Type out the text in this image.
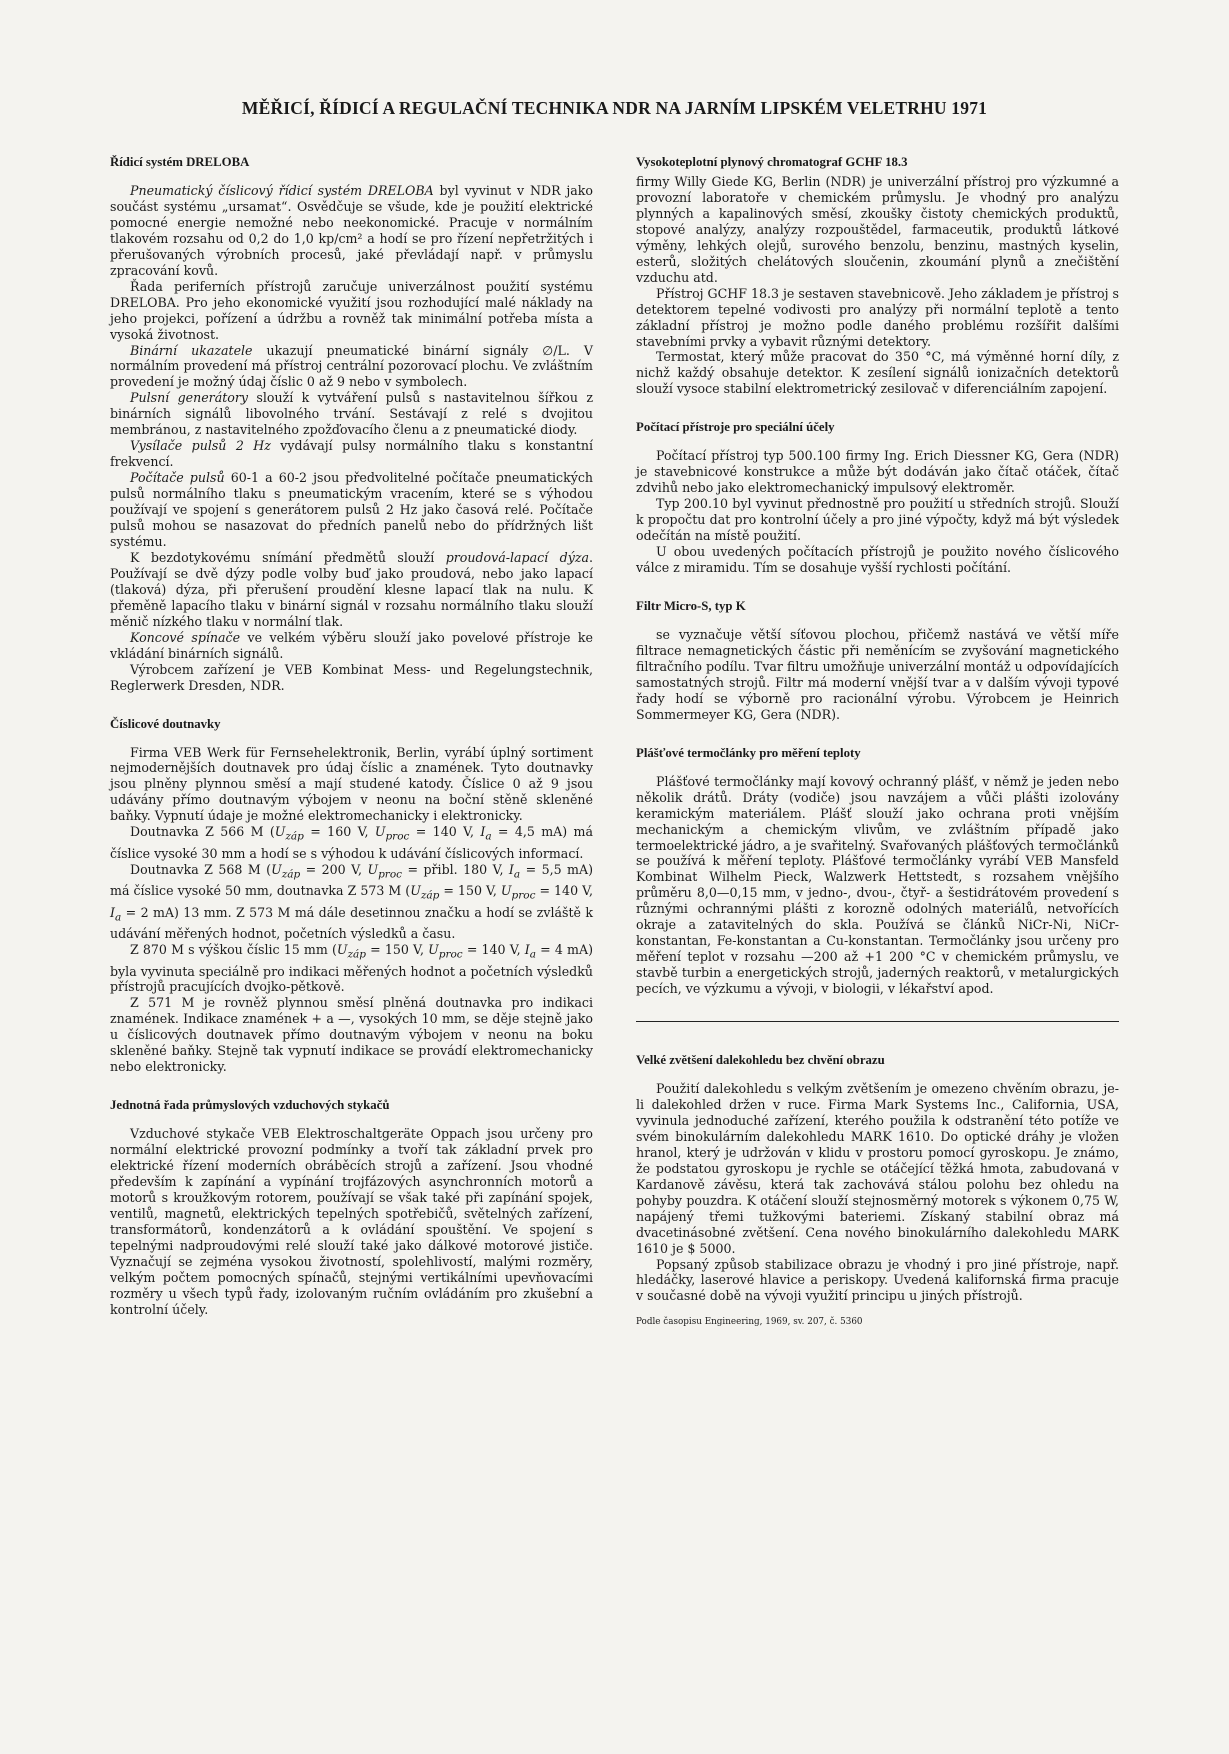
MĚŘICÍ, ŘÍDICÍ A REGULAČNÍ TECHNIKA NDR NA JARNÍM LIPSKÉM VELETRHU 1971
Řídicí systém DRELOBA

Pneumatický číslicový řídicí systém DRELOBA byl vyvinut v NDR jako součást systému „ursamat“. Osvědčuje se všude, kde je použití elektrické pomocné energie nemožné nebo neekonomické. Pracuje v normálním tlakovém rozsahu od 0,2 do 1,0 kp/cm² a hodí se pro řízení nepřetržitých i přerušovaných výrobních procesů, jaké převládají např. v průmyslu zpracování kovů.

Řada periferních přístrojů zaručuje univerzálnost použití systému DRELOBA. Pro jeho ekonomické využití jsou rozhodující malé náklady na jeho projekci, pořízení a údržbu a rovněž tak minimální potřeba místa a vysoká životnost.

Binární ukazatele ukazují pneumatické binární signály ∅/L. V normálním provedení má přístroj centrální pozorovací plochu. Ve zvláštním provedení je možný údaj číslic 0 až 9 nebo v symbolech.

Pulsní generátory slouží k vytváření pulsů s nastavitelnou šířkou z binárních signálů libovolného trvání. Sestávají z relé s dvojitou membránou, z nastavitelného zpožďovacího členu a z pneumatické diody.

Vysílače pulsů 2 Hz vydávají pulsy normálního tlaku s konstantní frekvencí.

Počítače pulsů 60-1 a 60-2 jsou předvolitelné počítače pneumatických pulsů normálního tlaku s pneumatickým vracením, které se s výhodou používají ve spojení s generátorem pulsů 2 Hz jako časová relé. Počítače pulsů mohou se nasazovat do předních panelů nebo do přídržných lišt systému.

K bezdotykovému snímání předmětů slouží proudová-lapací dýza. Používají se dvě dýzy podle volby buď jako proudová, nebo jako lapací (tlaková) dýza, při přerušení proudění klesne lapací tlak na nulu. K přeměně lapacího tlaku v binární signál v rozsahu normálního tlaku slouží měnič nízkého tlaku v normální tlak.

Koncové spínače ve velkém výběru slouží jako povelové přístroje ke vkládání binárních signálů.

Výrobcem zařízení je VEB Kombinat Mess- und Regelungstechnik, Reglerwerk Dresden, NDR.

Číslicové doutnavky

Firma VEB Werk für Fernsehelektronik, Berlin, vyrábí úplný sortiment nejmodernějších doutnavek pro údaj číslic a znamének. Tyto doutnavky jsou plněny plynnou směsí a mají studené katody. Číslice 0 až 9 jsou udávány přímo doutnavým výbojem v neonu na boční stěně skleněné baňky. Vypnutí údaje je možné elektromechanicky i elektronicky.

Doutnavka Z 566 M ($U_{záp} = 160$ V, $U_{proc} = 140$ V, $I_a = 4,5$ mA) má číslice vysoké 30 mm a hodí se s výhodou k udávání číslicových informací.

Doutnavka Z 568 M ($U_{záp} = 200$ V, $U_{proc}$ = přibl. 180 V, $I_a = 5,5$ mA) má číslice vysoké 50 mm, doutnavka Z 573 M ($U_{záp} = 150$ V, $U_{proc} = 140$ V, $I_a = 2$ mA) 13 mm. Z 573 M má dále desetinnou značku a hodí se zvláště k udávání měřených hodnot, početních výsledků a času.

Z 870 M s výškou číslic 15 mm ($U_{záp} = 150$ V, $U_{proc} = 140$ V, $I_a = 4$ mA) byla vyvinuta speciálně pro indikaci měřených hodnot a početních výsledků přístrojů pracujících dvojko-pětkově.

Z 571 M je rovněž plynnou směsí plněná doutnavka pro indikaci znamének. Indikace znamének + a —, vysokých 10 mm, se děje stejně jako u číslicových doutnavek přímo doutnavým výbojem v neonu na boku skleněné baňky. Stejně tak vypnutí indikace se provádí elektromechanicky nebo elektronicky.

Jednotná řada průmyslových vzduchových stykačů

Vzduchové stykače VEB Elektroschaltgeräte Oppach jsou určeny pro normální elektrické provozní podmínky a tvoří tak základní prvek pro elektrické řízení moderních obráběcích strojů a zařízení. Jsou vhodné především k zapínání a vypínání trojfázových asynchronních motorů a motorů s kroužkovým rotorem, používají se však také při zapínání spojek, ventilů, magnetů, elektrických tepelných spotřebičů, světelných zařízení, transformátorů, kondenzátorů a k ovládání spouštění. Ve spojení s tepelnými nadproudovými relé slouží také jako dálkové motorové jističe. Vyznačují se zejména vysokou životností, spolehlivostí, malými rozměry, velkým počtem pomocných spínačů, stejnými vertikálními upevňovacími rozměry u všech typů řady, izolovaným ručním ovládáním pro zkušební a kontrolní účely.

Vysokoteplotní plynový chromatograf GCHF 18.3

firmy Willy Giede KG, Berlin (NDR) je univerzální přístroj pro výzkumné a provozní laboratoře v chemickém průmyslu. Je vhodný pro analýzu plynných a kapalinových směsí, zkoušky čistoty chemických produktů, stopové analýzy, analýzy rozpouštědel, farmaceutik, produktů látkové výměny, lehkých olejů, surového benzolu, benzinu, mastných kyselin, esterů, složitých chelátových sloučenin, zkoumání plynů a znečištění vzduchu atd.

Přístroj GCHF 18.3 je sestaven stavebnicově. Jeho základem je přístroj s detektorem tepelné vodivosti pro analýzy při normální teplotě a tento základní přístroj je možno podle daného problému rozšířit dalšími stavebními prvky a vybavit různými detektory.

Termostat, který může pracovat do 350 °C, má výměnné horní díly, z nichž každý obsahuje detektor. K zesílení signálů ionizačních detektorů slouží vysoce stabilní elektrometrický zesilovač v diferenciálním zapojení.

Počítací přístroje pro speciální účely

Počítací přístroj typ 500.100 firmy Ing. Erich Diessner KG, Gera (NDR) je stavebnicové konstrukce a může být dodáván jako čítač otáček, čítač zdvihů nebo jako elektromechanický impulsový elektroměr.

Typ 200.10 byl vyvinut přednostně pro použití u středních strojů. Slouží k propočtu dat pro kontrolní účely a pro jiné výpočty, když má být výsledek odečítán na místě použití.

U obou uvedených počítacích přístrojů je použito nového číslicového válce z miramidu. Tím se dosahuje vyšší rychlosti počítání.

Filtr Micro-S, typ K

se vyznačuje větší síťovou plochou, přičemž nastává ve větší míře filtrace nemagnetických částic při neměnícím se zvyšování magnetického filtračního podílu. Tvar filtru umožňuje univerzální montáž u odpovídajících samostatných strojů. Filtr má moderní vnější tvar a v dalším vývoji typové řady hodí se výborně pro racionální výrobu. Výrobcem je Heinrich Sommermeyer KG, Gera (NDR).

Plášťové termočlánky pro měření teploty

Plášťové termočlánky mají kovový ochranný plášť, v němž je jeden nebo několik drátů. Dráty (vodiče) jsou navzájem a vůči plášti izolovány keramickým materiálem. Plášť slouží jako ochrana proti vnějším mechanickým a chemickým vlivům, ve zvláštním případě jako termoelektrické jádro, a je svařitelný. Svařovaných plášťových termočlánků se používá k měření teploty. Plášťové termočlánky vyrábí VEB Mansfeld Kombinat Wilhelm Pieck, Walzwerk Hettstedt, s rozsahem vnějšího průměru 8,0—0,15 mm, v jedno-, dvou-, čtyř- a šestidrátovém provedení s různými ochrannými plášti z korozně odolných materiálů, netvořících okraje a zatavitelných do skla. Používá se článků NiCr-Ni, NiCr-konstantan, Fe-konstantan a Cu-konstantan. Termočlánky jsou určeny pro měření teplot v rozsahu —200 až +1 200 °C v chemickém průmyslu, ve stavbě turbin a energetických strojů, jaderných reaktorů, v metalurgických pecích, ve výzkumu a vývoji, v biologii, v lékařství apod.

Velké zvětšení dalekohledu bez chvění obrazu

Použití dalekohledu s velkým zvětšením je omezeno chvěním obrazu, je-li dalekohled držen v ruce. Firma Mark Systems Inc., California, USA, vyvinula jednoduché zařízení, kterého použila k odstranění této potíže ve svém binokulárním dalekohledu MARK 1610. Do optické dráhy je vložen hranol, který je udržován v klidu v prostoru pomocí gyroskopu. Je známo, že podstatou gyroskopu je rychle se otáčející těžká hmota, zabudovaná v Kardanově závěsu, která tak zachovává stálou polohu bez ohledu na pohyby pouzdra. K otáčení slouží stejnosměrný motorek s výkonem 0,75 W, napájený třemi tužkovými bateriemi. Získaný stabilní obraz má dvacetinásobné zvětšení. Cena nového binokulárního dalekohledu MARK 1610 je $ 5000.

Popsaný způsob stabilizace obrazu je vhodný i pro jiné přístroje, např. hledáčky, laserové hlavice a periskopy. Uvedená kalifornská firma pracuje v současné době na vývoji využití principu u jiných přístrojů.

Podle časopisu Engineering, 1969, sv. 207, č. 5360
